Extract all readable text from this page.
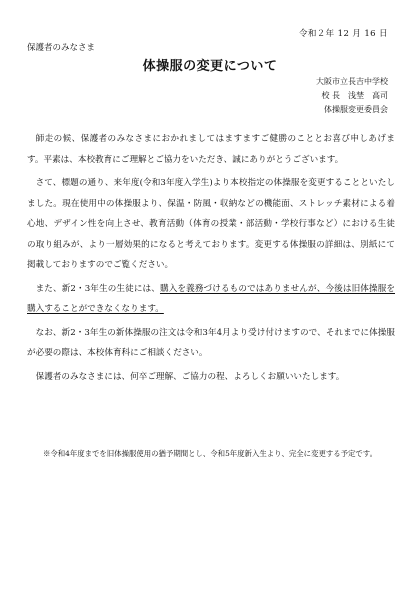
令和２年 12 月 16 日
保護者のみなさま
体操服の変更について
大阪市立長吉中学校
校 長　浅埜　高司
体操服変更委員会

師走の候、保護者のみなさまにおかれましてはますますご健勝のこととお喜び申しあげます。平素は、本校教育にご理解とご協力をいただき、誠にありがとうございます。

さて、標題の通り、来年度(令和3年度入学生)より本校指定の体操服を変更することといたしました。現在使用中の体操服より、保温・防風・収納などの機能面、ストレッチ素材による着心地、デザイン性を向上させ、教育活動（体育の授業・部活動・学校行事など）における生徒の取り組みが、より一層効果的になると考えております。変更する体操服の詳細は、別紙にて掲載しておりますのでご覧ください。

また、新2・3年生の生徒には、購入を義務づけるものではありませんが、今後は旧体操服を購入することができなくなります。

なお、新2・3年生の新体操服の注文は令和3年4月より受け付けますので、それまでに体操服が必要の際は、本校体育科にご相談ください。

保護者のみなさまには、何卒ご理解、ご協力の程、よろしくお願いいたします。

※令和4年度までを旧体操服使用の猶予期間とし、令和5年度新入生より、完全に変更する予定です。
